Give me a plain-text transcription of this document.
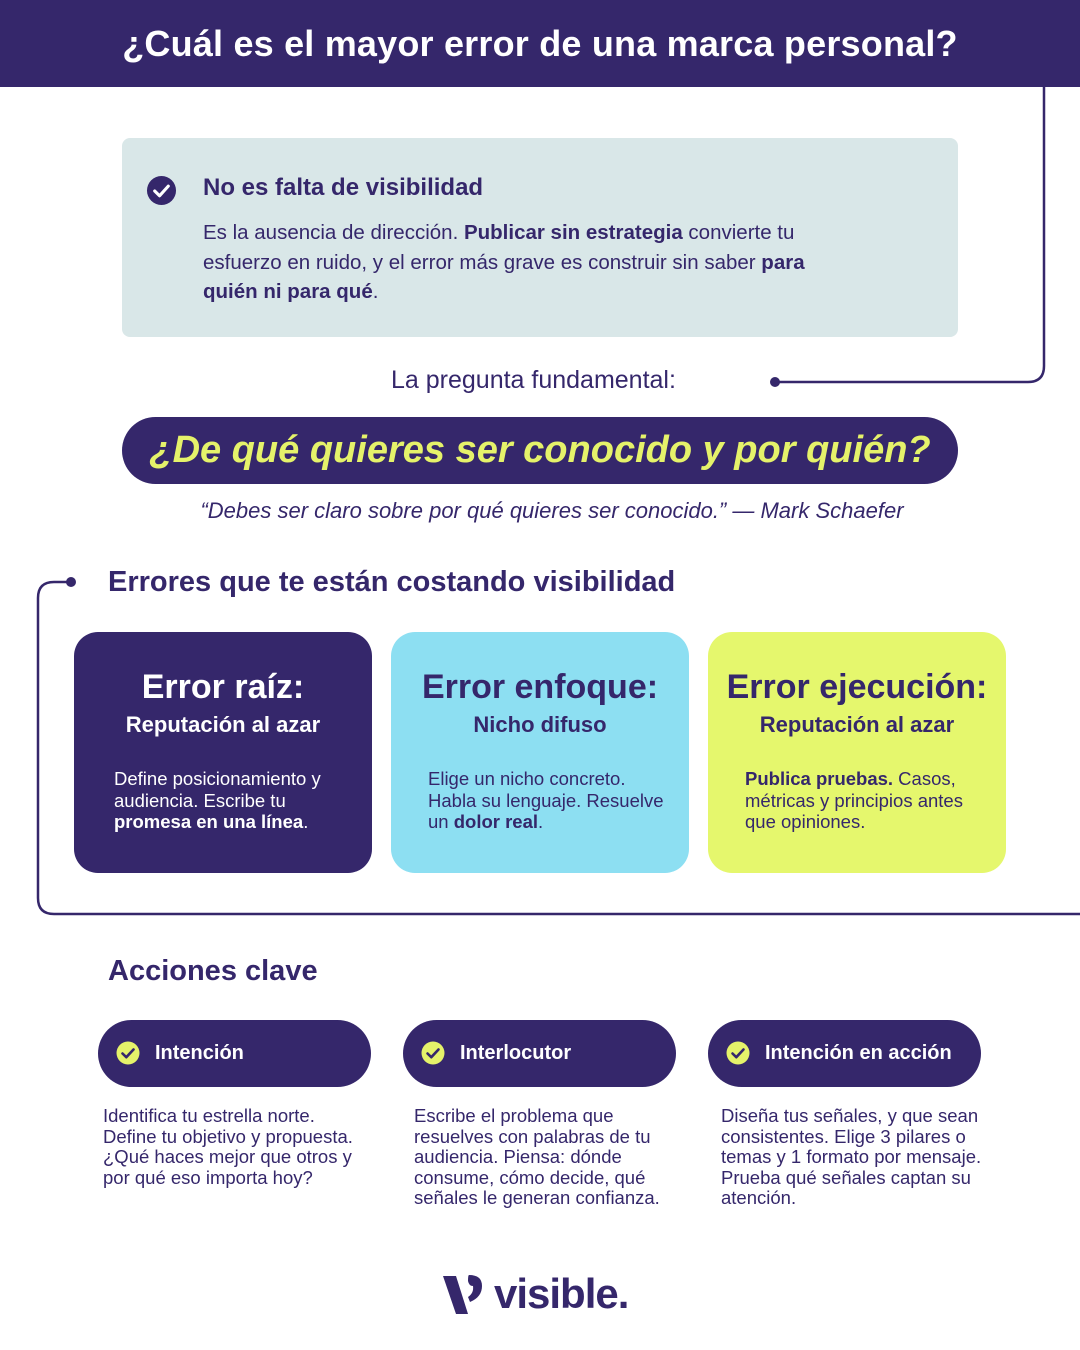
¿Cuál es el mayor error de una marca personal?
No es falta de visibilidad
Es la ausencia de dirección. Publicar sin estrategia convierte tu esfuerzo en ruido, y el error más grave es construir sin saber para quién ni para qué.
La pregunta fundamental:
¿De qué quieres ser conocido y por quién?
“Debes ser claro sobre por qué quieres ser conocido.” — Mark Schaefer
Errores que te están costando visibilidad
Error raíz:
Reputación al azar
Define posicionamiento y audiencia. Escribe tu promesa en una línea.
Error enfoque:
Nicho difuso
Elige un nicho concreto. Habla su lenguaje. Resuelve un dolor real.
Error ejecución:
Reputación al azar
Publica pruebas. Casos, métricas y principios antes que opiniones.
Acciones clave
Intención	Interlocutor	Intención en acción
Identifica tu estrella norte. Define tu objetivo y propuesta. ¿Qué haces mejor que otros y por qué eso importa hoy?
Escribe el problema que resuelves con palabras de tu audiencia. Piensa: dónde consume, cómo decide, qué señales le generan confianza.
Diseña tus señales, y que sean consistentes. Elige 3 pilares o temas y 1 formato por mensaje. Prueba qué señales captan su atención.
visible.
